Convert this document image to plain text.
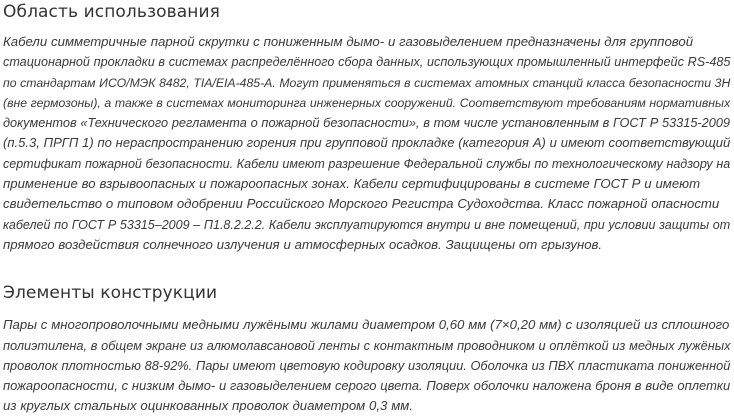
Область использования

Кабели симметричные парной скрутки с пониженным дымо- и газовыделением предназначены для групповой
стационарной прокладки в системах распределённого сбора данных, использующих промышленный интерфейс RS-485
по стандартам ИСО/МЭК 8482, TIA/EIA-485-A. Могут применяться в системах атомных станций класса безопасности 3Н
(вне гермозоны), а также в системах мониторинга инженерных сооружений. Соответствуют требованиям нормативных
документов «Технического регламента о пожарной безопасности», в том числе установленным в ГОСТ Р 53315-2009
(п.5.3, ПРГП 1) по нераспространению горения при групповой прокладке (категория А) и имеют соответствующий
сертификат пожарной безопасности. Кабели имеют разрешение Федеральной службы по технологическому надзору на
применение во взрывоопасных и пожароопасных зонах. Кабели сертифицированы в системе ГОСТ Р и имеют
свидетельство о типовом одобрении Российского Морского Регистра Судоходства. Класс пожарной опасности
кабелей по ГОСТ Р 53315–2009 – П1.8.2.2.2. Кабели эксплуатируются внутри и вне помещений, при условии защиты от
прямого воздействия солнечного излучения и атмосферных осадков. Защищены от грызунов.

Элементы конструкции

Пары с многопроволочными медными лужёными жилами диаметром 0,60 мм (7×0,20 мм) с изоляцией из сплошного
полиэтилена, в общем экране из алюмолавсановой ленты с контактным проводником и оплёткой из медных лужёных
проволок плотностью 88-92%. Пары имеют цветовую кодировку изоляции. Оболочка из ПВХ пластиката пониженной
пожароопасности, с низким дымо- и газовыделением серого цвета. Поверх оболочки наложена броня в виде оплетки
из круглых стальных оцинкованных проволок диаметром 0,3 мм.
